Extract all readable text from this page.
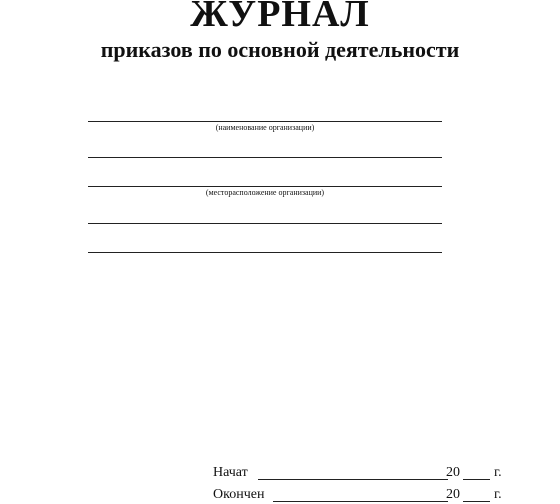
ЖУРНАЛ
приказов по основной деятельности
(наименование организации)
(месторасположение организации)
Начат	20 г.
Окончен	20 г.
